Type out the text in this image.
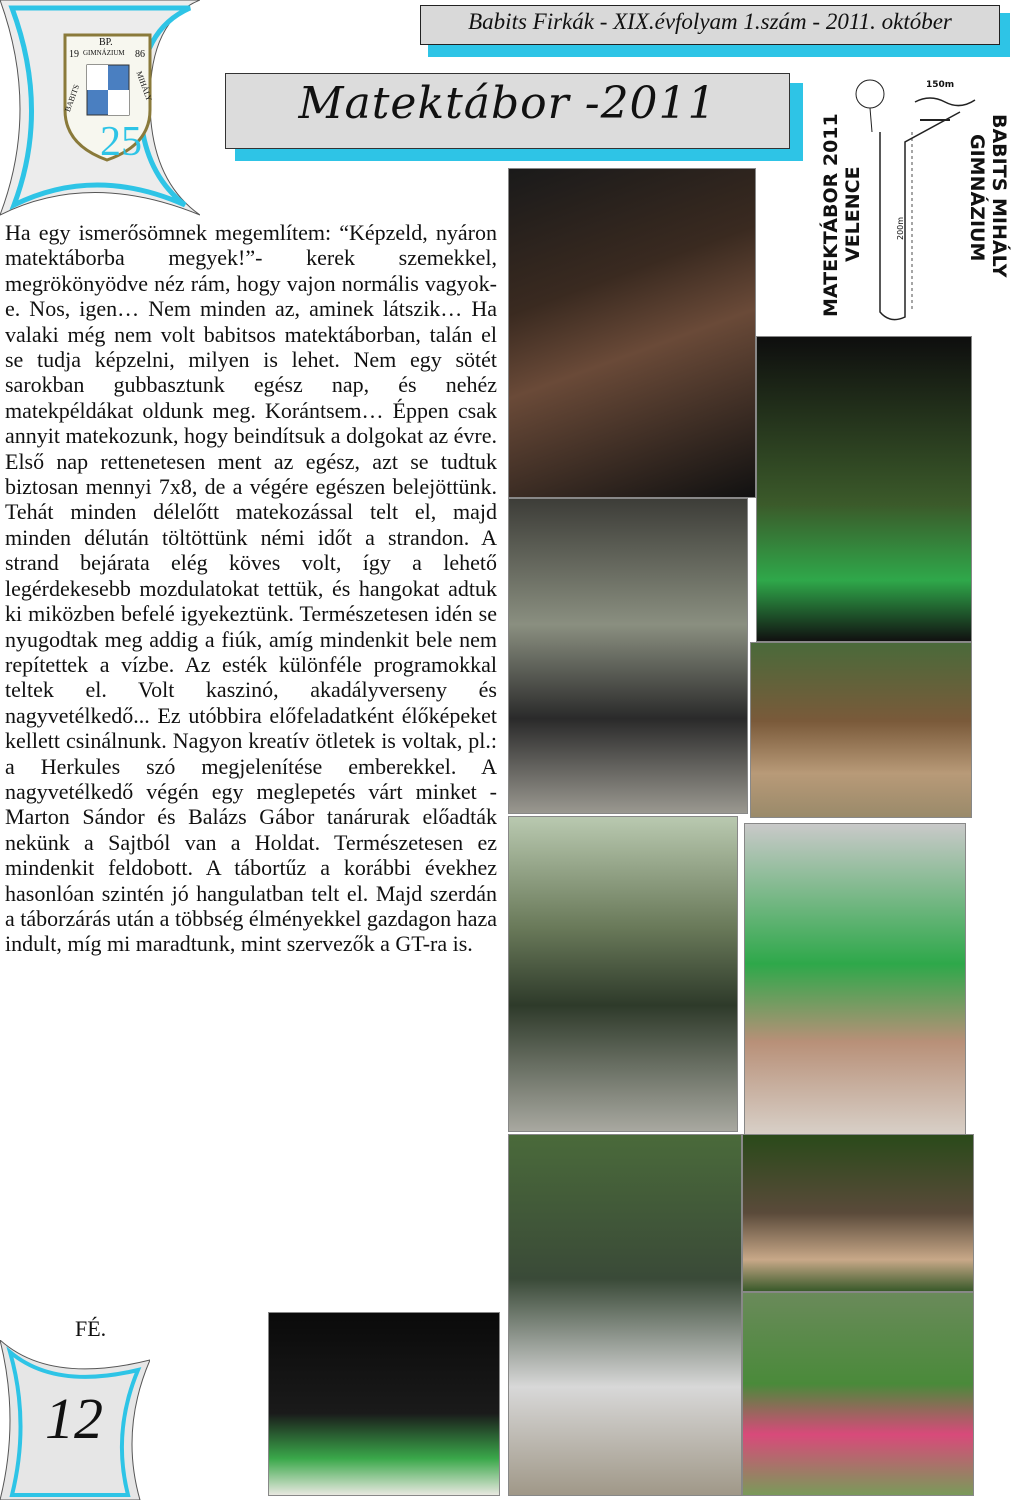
BP.
19 GIMNÁZIUM 86
BABITS	MIHÁLY
25
Babits Firkák - XIX.évfolyam 1.szám - 2011. október
Matektábor -2011	150m
200m
MATEKTÁBOR 2011 VELENCE	BABITS MIHÁLY
GIMNÁZIUM

Ha egy ismerősömnek megemlítem: “Képzeld, nyáron matektáborba megyek!”- kerek szemekkel, megrökönyödve néz rám, hogy vajon normális vagyok-e. Nos, igen… Nem minden az, aminek látszik… Ha valaki még nem volt babitsos matektáborban, talán el se tudja képzelni, milyen is lehet. Nem egy sötét sarokban gubbasztunk egész nap, és nehéz matekpéldákat oldunk meg. Korántsem… Éppen csak annyit matekozunk, hogy beindítsuk a dolgokat az évre. Első nap rettenetesen ment az egész, azt se tudtuk biztosan mennyi 7x8, de a végére egészen belejöttünk. Tehát minden délelőtt matekozással telt el, majd minden délután töltöttünk némi időt a strandon. A strand bejárata elég köves volt, így a lehető legérdekesebb mozdulatokat tettük, és hangokat adtuk ki miközben befelé igyekeztünk. Természetesen idén se nyugodtak meg addig a fiúk, amíg mindenkit bele nem repítettek a vízbe. Az esték különféle programokkal teltek el. Volt kaszinó, akadályverseny és nagyvetélkedő... Ez utóbbira előfeladatként élőképeket kellett csinálnunk. Nagyon kreatív ötletek is voltak, pl.: a Herkules szó megjelenítése emberekkel. A nagyvetélkedő végén egy meglepetés várt minket - Marton Sándor és Balázs Gábor tanárurak előadták nekünk a Sajtból van a Holdat. Természetesen ez mindenkit feldobott. A tábortűz a korábbi évekhez hasonlóan szintén jó hangulatban telt el. Majd szerdán a táborzárás után a többség élményekkel gazdagon haza indult, míg mi maradtunk, mint szervezők a GT-ra is.

FÉ.
12
